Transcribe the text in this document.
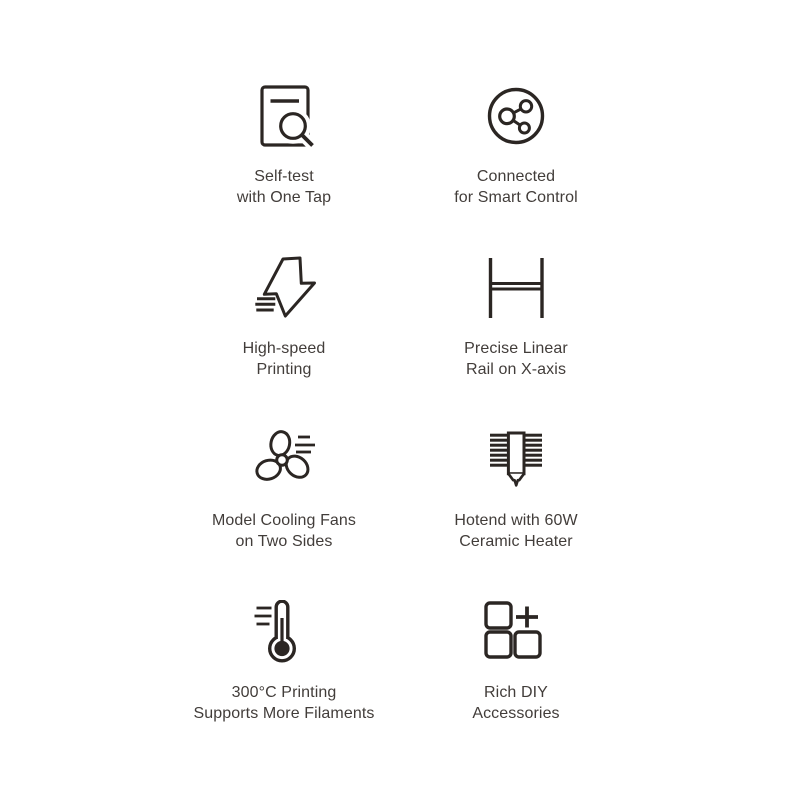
Self-test
with One Tap
Connected
for Smart Control
High-speed
Printing
Precise Linear
Rail on X-axis
Model Cooling Fans
on Two Sides
Hotend with 60W
Ceramic Heater
300°C Printing
Supports More Filaments
Rich DIY
Accessories
